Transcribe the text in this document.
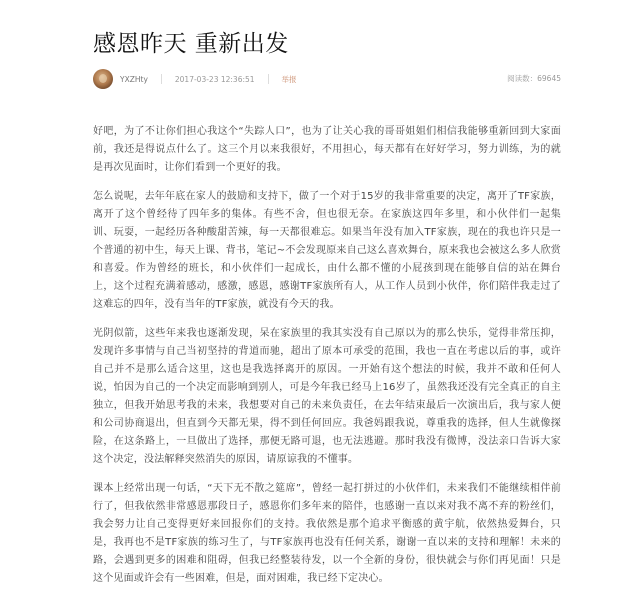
感恩昨天 重新出发
YXZHty	2017-03-23 12:36:51	举报	阅读数：69645

好吧，为了不让你们担心我这个“失踪人口”，也为了让关心我的哥哥姐姐们相信我能够重新回到大家面前，我还是得说点什么了。这三个月以来我很好，不用担心，每天都有在好好学习，努力训练，为的就是再次见面时，让你们看到一个更好的我。

怎么说呢，去年年底在家人的鼓励和支持下，做了一个对于15岁的我非常重要的决定，离开了TF家族，离开了这个曾经待了四年多的集体。有些不舍，但也很无奈。在家族这四年多里，和小伙伴们一起集训、玩耍，一起经历各种酸甜苦辣，每一天都很难忘。如果当年没有加入TF家族，现在的我也许只是一个普通的初中生，每天上课、背书，笔记~不会发现原来自己这么喜欢舞台，原来我也会被这么多人欣赏和喜爱。作为曾经的班长，和小伙伴们一起成长，由什么都不懂的小屁孩到现在能够自信的站在舞台上，这个过程充满着感动，感激，感恩，感谢TF家族所有人，从工作人员到小伙伴，你们陪伴我走过了这难忘的四年，没有当年的TF家族，就没有今天的我。

光阴似箭，这些年来我也逐渐发现，呆在家族里的我其实没有自己原以为的那么快乐，觉得非常压抑，发现许多事情与自己当初坚持的背道而驰，超出了原本可承受的范围，我也一直在考虑以后的事，或许自己并不是那么适合这里，这也是我选择离开的原因。一开始有这个想法的时候，我并不敢和任何人说，怕因为自己的一个决定而影响到别人，可是今年我已经马上16岁了，虽然我还没有完全真正的自主独立，但我开始思考我的未来，我想要对自己的未来负责任，在去年结束最后一次演出后，我与家人便和公司协商退出，但直到今天都无果，得不到任何回应。我爸妈跟我说，尊重我的选择，但人生就像探险，在这条路上，一旦做出了选择，那便无路可退，也无法逃避。那时我没有微博，没法亲口告诉大家这个决定，没法解释突然消失的原因，请原谅我的不懂事。

课本上经常出现一句话，“天下无不散之筵席”，曾经一起打拼过的小伙伴们，未来我们不能继续相伴前行了，但我依然非常感恩那段日子，感恩你们多年来的陪伴，也感谢一直以来对我不离不弃的粉丝们，我会努力让自己变得更好来回报你们的支持。我依然是那个追求平衡感的黄宇航，依然热爱舞台，只是，我再也不是TF家族的练习生了，与TF家族再也没有任何关系，谢谢一直以来的支持和理解！未来的路，会遇到更多的困难和阻碍，但我已经整装待发，以一个全新的身份，很快就会与你们再见面！只是这个见面或许会有一些困难，但是，面对困难，我已经下定决心。
